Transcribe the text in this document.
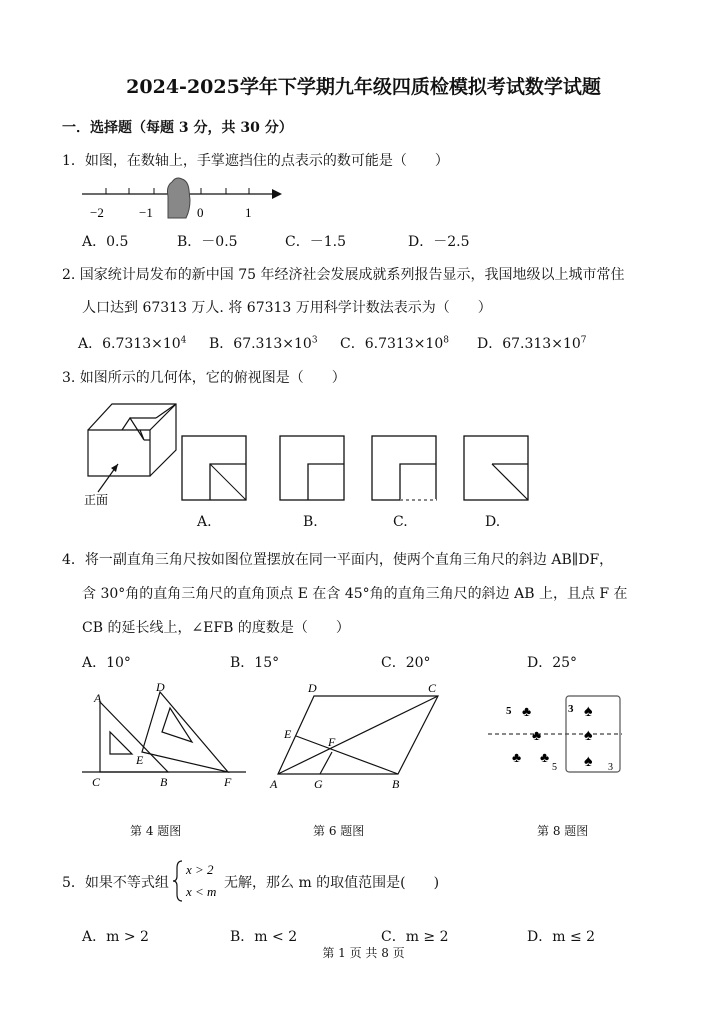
2024-2025学年下学期九年级四质检模拟考试数学试题
一．选择题（每题 3 分，共 30 分）
1．如图，在数轴上，手掌遮挡住的点表示的数可能是（　　）
−2	−1	0	1
A．0.5	B．－0.5	C．－1.5	D．－2.5
2. 国家统计局发布的新中国 75 年经济社会发展成就系列报告显示，我国地级以上城市常住
人口达到 67313 万人. 将 67313 万用科学计数法表示为（　　）
A．$6.7313\times 10^4$ B．$67.313\times 10^3$ C．$6.7313\times 10^8$ D．$67.313\times 10^7$
3. 如图所示的几何体，它的俯视图是（　　）
正面
A.	B.	C.	D.
4．将一副直角三角尺按如图位置摆放在同一平面内，使两个直角三角尺的斜边 AB∥DF，
含 30°角的直角三角尺的直角顶点 E 在含 45°角的直角三角尺的斜边 AB 上，且点 F 在
CB 的延长线上，∠EFB 的度数是（　　）
A．10°	B．15°	C．20°	D．25°
A
D
E
C	B	F
第 4 题图
D	C
E
F
A	G	B
第 6 题图
5 ♣
♣
♣ ♣
5
3 ♠
♠
♠ 3
第 8 题图
5．如果不等式组
x > 2
x < m
无解，那么 m 的取值范围是(　　)
A．m > 2	B．m < 2	C．m ≥ 2	D．m ≤ 2
第 1 页 共 8 页
